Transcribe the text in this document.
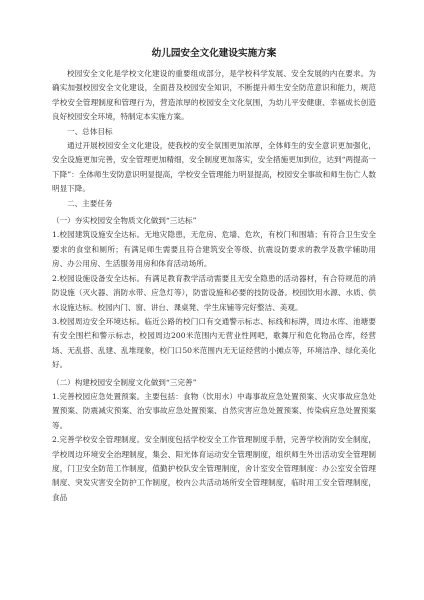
幼儿园安全文化建设实施方案

校园安全文化是学校文化建设的重要组成部分，是学校科学发展、安全发展的内在要求。为确实加强校园安全文化建设，全面普及校园安全知识，不断提升师生安全防范意识和能力，规范学校安全管理制度和管理行为，营造浓厚的校园安全文化氛围，为幼儿平安健康、幸福成长创造良好校园安全环境，特制定本实施方案。

一、总体目标

通过开展校园安全文化建设，使我校的安全氛围更加浓厚，全体师生的安全意识更加强化，安全设施更加完善，安全管理更加精细，安全制度更加落实，安全措施更加到位，达到“两提高一下降”：全体师生安防意识明显提高，学校安全管理能力明显提高，校园安全事故和师生伤亡人数明显下降。

二、主要任务

（一）夯实校园安全物质文化做到“三达标”

1.校园建筑设施安全达标。无地灾隐患，无危房、危墙、危坎，有校门和围墙；有符合卫生安全要求的食堂和厕所；有满足师生需要且符合建筑安全等级、抗震设防要求的教学及教学辅助用房、办公用房、生活服务用房和体育活动场所。

2.校园设施设备安全达标。有满足教育教学活动需要且无安全隐患的活动器材，有合符规范的消防设施（灭火器、消防水带、应急灯等），防雷设施和必要的技防设备。校园饮用水源、水质、供水设施达标。校园内门、窗、讲台、课桌凳、学生床铺等完好整洁、美观。

3.校园周边安全环境达标。临近公路的校门口有交通警示标志、标线和标牌，周边水库、池塘要有安全围栏和警示标志，校园周边200米范围内无营业性网吧，歌舞厅和危化物品仓库，经营场、无乱搭、乱建、乱堆现象，校门口50米范围内无无证经营的小摊点等，环境洁净、绿化美化好。

（二）构建校园安全制度文化做到“三完善”

1.完善校园应急处置预案。主要包括：食物（饮用水）中毒事故应急处置预案、火灾事故应急处置预案、防震减灾预案、治安事故应急处置预案、自然灾害应急处置预案、传染病应急处置预案等。

2.完善学校安全管理制度。安全制度包括学校安全工作管理制度手册，完善学校消防安全制度，学校周边环境安全治理制度，集会、阳光体育运动安全管理制度，组织师生外出活动安全管理制度，门卫安全防范工作制度，值勤护校队安全管理制度，舍计室安全管理制度：办公室安全管理制度、突发灾害安全防护工作制度，校内公共活动场所安全管理制度，临时用工安全管理制度，食品
